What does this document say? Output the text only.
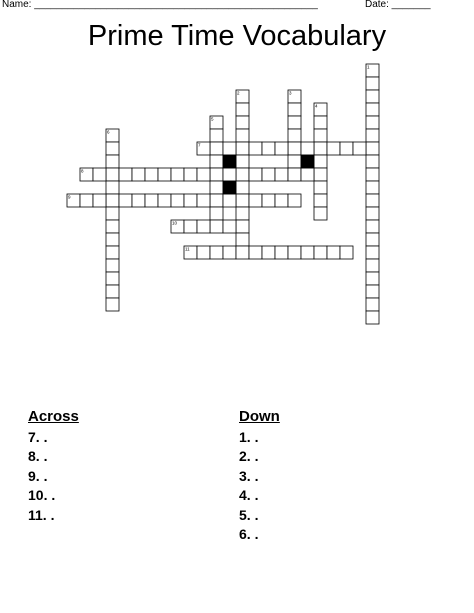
Name: ___________________________________________________	Date: _______
Prime Time Vocabulary
1
2	3
4
5
6
7
8
9
10
11
Across
7. .
8. .
9. .
10. .
11. .
Down
1. .
2. .
3. .
4. .
5. .
6. .
